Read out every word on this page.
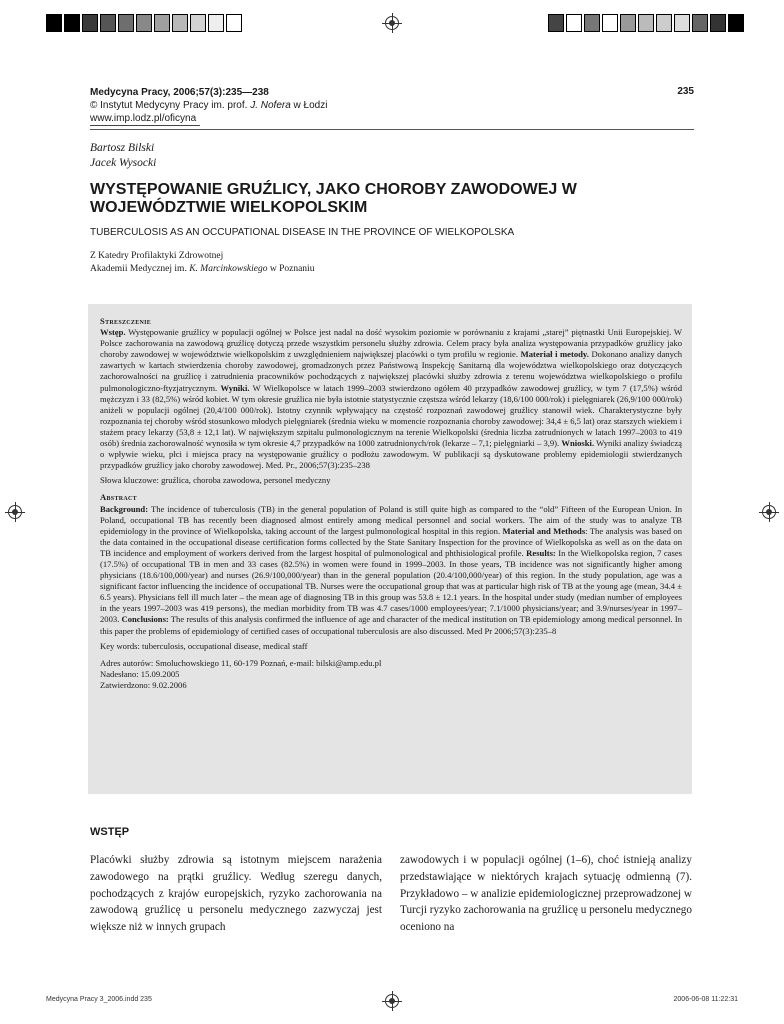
Medycyna Pracy, 2006;57(3):235—238
© Instytut Medycyny Pracy im. prof. J. Nofera w Łodzi
www.imp.lodz.pl/oficyna
235
Bartosz Bilski
Jacek Wysocki
WYSTĘPOWANIE GRUŹLICY, JAKO CHOROBY ZAWODOWEJ W WOJEWÓDZTWIE WIELKOPOLSKIM
TUBERCULOSIS AS AN OCCUPATIONAL DISEASE IN THE PROVINCE OF WIELKOPOLSKA
Z Katedry Profilaktyki Zdrowotnej
Akademii Medycznej im. K. Marcinkowskiego w Poznaniu
Streszczenie

Wstęp. Występowanie gruźlicy w populacji ogólnej w Polsce jest nadal na dość wysokim poziomie w porównaniu z krajami „starej” piętnastki Unii Europejskiej. W Polsce zachorowania na zawodową gruźlicę dotyczą przede wszystkim personelu służby zdrowia. Celem pracy była analiza występowania przypadków gruźlicy jako choroby zawodowej w województwie wielkopolskim z uwzględnieniem największej placówki o tym profilu w regionie. Materiał i metody. Dokonano analizy danych zawartych w kartach stwierdzenia choroby zawodowej, gromadzonych przez Państwową Inspekcję Sanitarną dla województwa wielkopolskiego oraz dotyczących zachorowalności na gruźlicę i zatrudnienia pracowników pochodzących z największej placówki służby zdrowia z terenu województwa wielkopolskiego o profilu pulmonologiczno-ftyzjatrycznym. Wyniki. W Wielkopolsce w latach 1999–2003 stwierdzono ogółem 40 przypadków zawodowej gruźlicy, w tym 7 (17,5%) wśród mężczyzn i 33 (82,5%) wśród kobiet. W tym okresie gruźlica nie była istotnie statystycznie częstsza wśród lekarzy (18,6/100 000/rok) i pielęgniarek (26,9/100 000/rok) aniżeli w populacji ogólnej (20,4/100 000/rok). Istotny czynnik wpływający na częstość rozpoznań zawodowej gruźlicy stanowił wiek. Charakterystyczne były rozpoznania tej choroby wśród stosunkowo młodych pielęgniarek (średnia wieku w momencie rozpoznania choroby zawodowej: 34,4 ± 6,5 lat) oraz starszych wiekiem i stażem pracy lekarzy (53,8 ± 12,1 lat). W największym szpitalu pulmonologicznym na terenie Wielkopolski (średnia liczba zatrudnionych w latach 1997–2003 to 419 osób) średnia zachorowalność wynosiła w tym okresie 4,7 przypadków na 1000 zatrudnionych/rok (lekarze – 7,1; pielęgniarki – 3,9). Wnioski. Wyniki analizy świadczą o wpływie wieku, płci i miejsca pracy na występowanie gruźlicy o podłożu zawodowym. W publikacji są dyskutowane problemy epidemiologii stwierdzanych przypadków gruźlicy jako choroby zawodowej. Med. Pr., 2006;57(3):235–238

Słowa kluczowe: gruźlica, choroba zawodowa, personel medyczny

Abstract

Background: The incidence of tuberculosis (TB) in the general population of Poland is still quite high as compared to the “old” Fifteen of the European Union. In Poland, occupational TB has recently been diagnosed almost entirely among medical personnel and social workers. The aim of the study was to analyze TB epidemiology in the province of Wielkopolska, taking account of the largest pulmonological hospital in this region. Material and Methods: The analysis was based on the data contained in the occupational disease certification forms collected by the State Sanitary Inspection for the province of Wielkopolska as well as on the data on TB incidence and employment of workers derived from the largest hospital of pulmonological and phthisiological profile. Results: In the Wielkopolska region, 7 cases (17.5%) of occupational TB in men and 33 cases (82.5%) in women were found in 1999–2003. In those years, TB incidence was not significantly higher among physicians (18.6/100,000/year) and nurses (26.9/100,000/year) than in the general population (20.4/100,000/year) of this region. In the study population, age was a significant factor influencing the incidence of occupational TB. Nurses were the occupational group that was at particular high risk of TB at the young age (mean, 34.4 ± 6.5 years). Physicians fell ill much later – the mean age of diagnosing TB in this group was 53.8 ± 12.1 years. In the hospital under study (median number of employees in the years 1997–2003 was 419 persons), the median morbidity from TB was 4.7 cases/1000 employees/year; 7.1/1000 physicians/year; and 3.9/nurses/year in 1997–2003. Conclusions: The results of this analysis confirmed the influence of age and character of the medical institution on TB epidemiology among medical personnel. In this paper the problems of epidemiology of certified cases of occupational tuberculosis are also discussed. Med Pr 2006;57(3):235–8

Key words: tuberculosis, occupational disease, medical staff

Adres autorów: Smoluchowskiego 11, 60-179 Poznań, e-mail: bilski@amp.edu.pl

Nadesłano: 15.09.2005

Zatwierdzono: 9.02.2006

WSTĘP
Placówki służby zdrowia są istotnym miejscem narażenia zawodowego na prątki gruźlicy. Według szeregu danych, pochodzących z krajów europejskich, ryzyko zachorowania na zawodową gruźlicę u personelu medycznego zazwyczaj jest większe niż w innych grupach
zawodowych i w populacji ogólnej (1–6), choć istnieją analizy przedstawiające w niektórych krajach sytuację odmienną (7). Przykładowo – w analizie epidemiologicznej przeprowadzonej w Turcji ryzyko zachorowania na gruźlicę u personelu medycznego oceniono na
Medycyna Pracy 3_2006.indd 235	2006-06-08 11:22:31
